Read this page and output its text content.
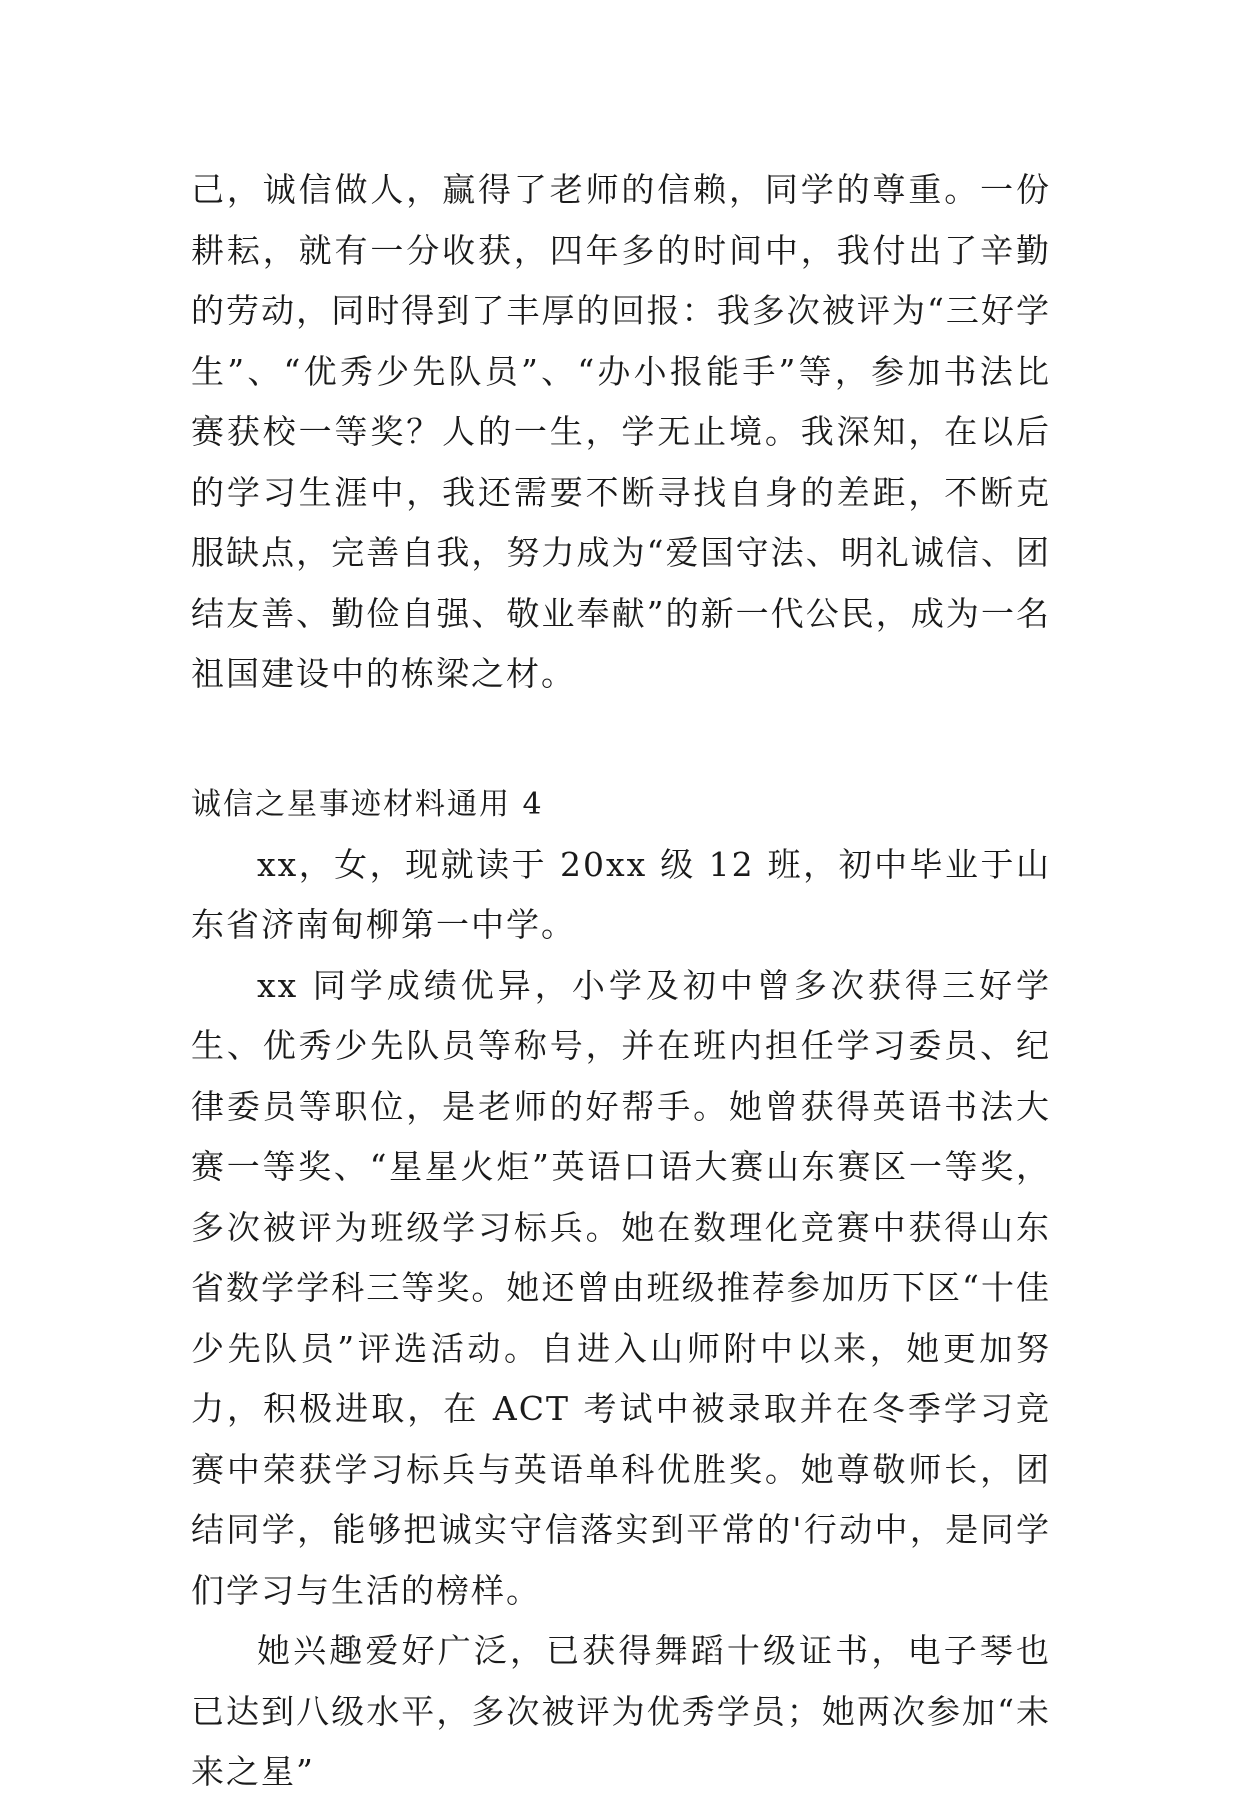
己，诚信做人，赢得了老师的信赖，同学的尊重。一份耕耘，就有一分收获，四年多的时间中，我付出了辛勤的劳动，同时得到了丰厚的回报：我多次被评为“三好学生”、“优秀少先队员”、“办小报能手”等，参加书法比赛获校一等奖？人的一生，学无止境。我深知，在以后的学习生涯中，我还需要不断寻找自身的差距，不断克服缺点，完善自我，努力成为“爱国守法、明礼诚信、团结友善、勤俭自强、敬业奉献”的新一代公民，成为一名祖国建设中的栋梁之材。

诚信之星事迹材料通用 4

xx，女，现就读于 20xx 级 12 班，初中毕业于山东省济南甸柳第一中学。

xx 同学成绩优异，小学及初中曾多次获得三好学生、优秀少先队员等称号，并在班内担任学习委员、纪律委员等职位，是老师的好帮手。她曾获得英语书法大赛一等奖、“星星火炬”英语口语大赛山东赛区一等奖，多次被评为班级学习标兵。她在数理化竞赛中获得山东省数学学科三等奖。她还曾由班级推荐参加历下区“十佳少先队员”评选活动。自进入山师附中以来，她更加努力，积极进取，在 ACT 考试中被录取并在冬季学习竞赛中荣获学习标兵与英语单科优胜奖。她尊敬师长，团结同学，能够把诚实守信落实到平常的'行动中，是同学们学习与生活的榜样。

她兴趣爱好广泛，已获得舞蹈十级证书，电子琴也已达到八级水平，多次被评为优秀学员；她两次参加“未来之星”
